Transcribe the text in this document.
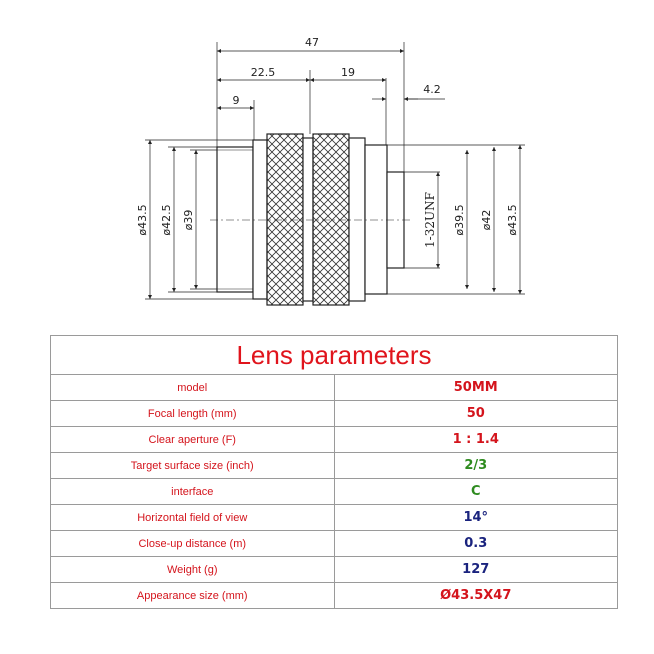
47
22.5	19
9
4.2
ø43.5 ø42.5 ø39	1-32UNF ø39.5 ø42 ø43.5
Lens parameters	
model	50MM
Focal length (mm)	50
Clear aperture (F)	1 : 1.4
Target surface size (inch)	2/3
interface	C
Horizontal field of view	14°
Close-up distance (m)	0.3
Weight (g)	127
Appearance size (mm)	Ø43.5X47
